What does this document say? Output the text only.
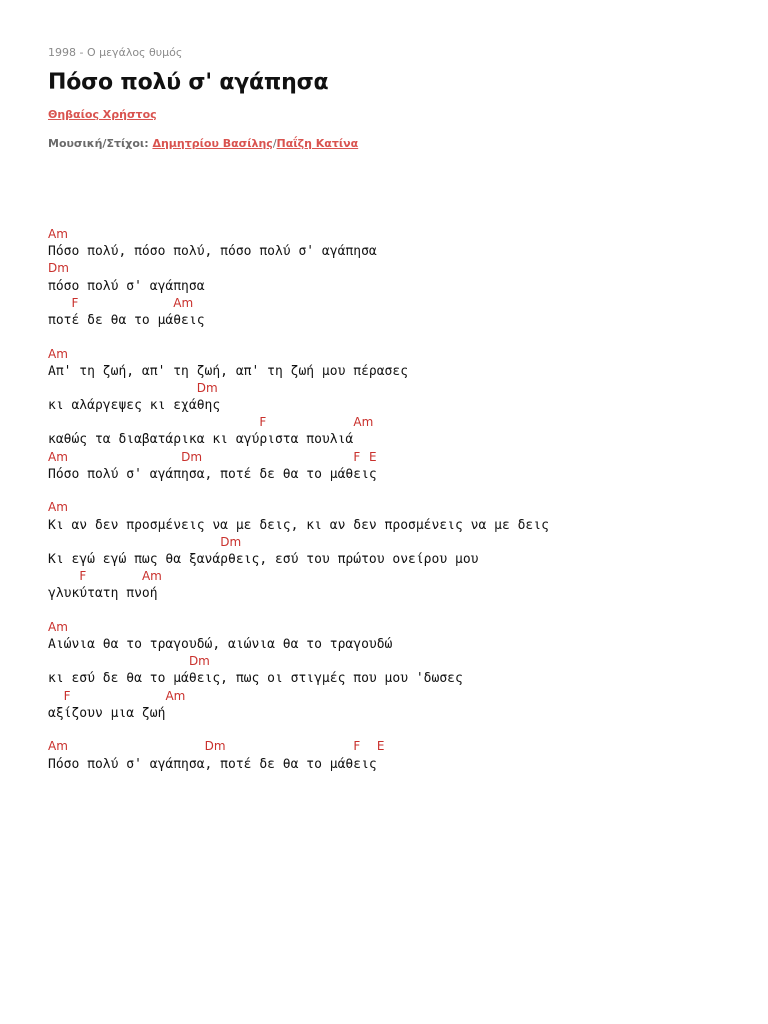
1998 - Ο μεγάλος θυμός
Πόσο πολύ σ' αγάπησα
Θηβαίος Χρήστος
Μουσική/Στίχοι: Δημητρίου Βασίλης/Παΐζη Κατίνα
Am
Πόσο πολύ, πόσο πολύ, πόσο πολύ σ' αγάπησα
Dm
πόσο πολύ σ' αγάπησα
F	Am
ποτέ δε θα το μάθεις
Am
Απ' τη ζωή, απ' τη ζωή, απ' τη ζωή μου πέρασες
Dm
κι αλάργεψες κι εχάθης
F	Am
καθώς τα διαβατάρικα κι αγύριστα πουλιά
Am	Dm	F E
Πόσο πολύ σ' αγάπησα, ποτέ δε θα το μάθεις
Am
Κι αν δεν προσμένεις να με δεις, κι αν δεν προσμένεις να με δεις
Dm
Κι εγώ εγώ πως θα ξανάρθεις, εσύ του πρώτου ονείρου μου
F	Am
γλυκύτατη πνοή
Am
Αιώνια θα το τραγουδώ, αιώνια θα το τραγουδώ
Dm
κι εσύ δε θα το μάθεις, πως οι στιγμές που μου 'δωσες
F	Am
αξίζουν μια ζωή
Am	Dm	F E
Πόσο πολύ σ' αγάπησα, ποτέ δε θα το μάθεις
